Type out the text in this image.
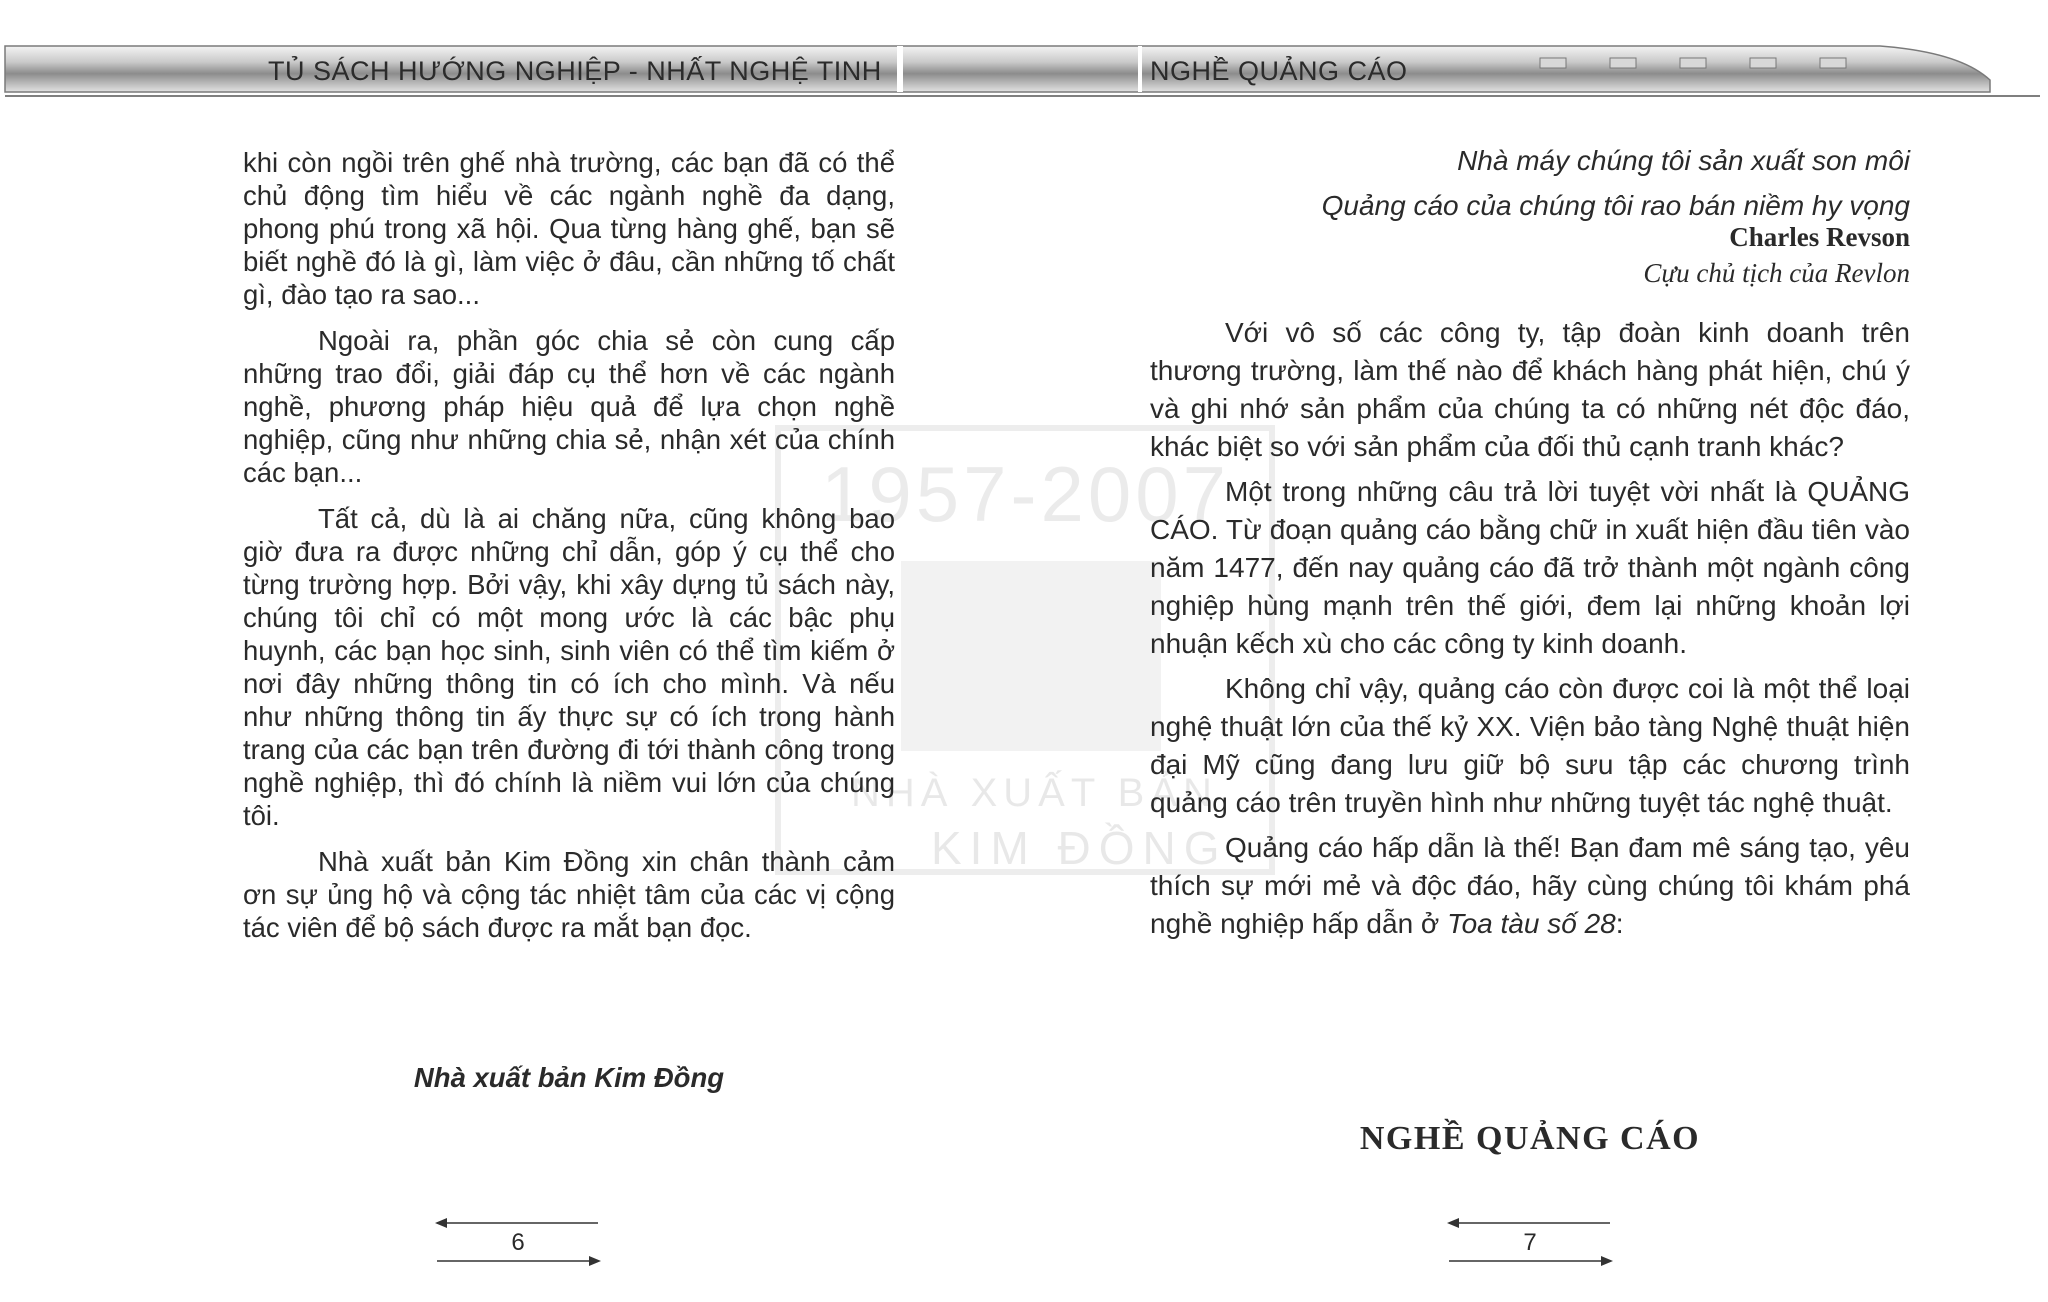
TỦ SÁCH HƯỚNG NGHIỆP - NHẤT NGHỆ TINH	NGHỀ QUẢNG CÁO
1957-2007
NHÀ XUẤT BẢN
KIM ĐỒNG

khi còn ngồi trên ghế nhà trường, các bạn đã có thể chủ động tìm hiểu về các ngành nghề đa dạng, phong phú trong xã hội. Qua từng hàng ghế, bạn sẽ biết nghề đó là gì, làm việc ở đâu, cần những tố chất gì, đào tạo ra sao...

Ngoài ra, phần góc chia sẻ còn cung cấp những trao đổi, giải đáp cụ thể hơn về các ngành nghề, phương pháp hiệu quả để lựa chọn nghề nghiệp, cũng như những chia sẻ, nhận xét của chính các bạn...

Tất cả, dù là ai chăng nữa, cũng không bao giờ đưa ra được những chỉ dẫn, góp ý cụ thể cho từng trường hợp. Bởi vậy, khi xây dựng tủ sách này, chúng tôi chỉ có một mong ước là các bậc phụ huynh, các bạn học sinh, sinh viên có thể tìm kiếm ở nơi đây những thông tin có ích cho mình. Và nếu như những thông tin ấy thực sự có ích trong hành trang của các bạn trên đường đi tới thành công trong nghề nghiệp, thì đó chính là niềm vui lớn của chúng tôi.

Nhà xuất bản Kim Đồng xin chân thành cảm ơn sự ủng hộ và cộng tác nhiệt tâm của các vị cộng tác viên để bộ sách được ra mắt bạn đọc.

Nhà xuất bản Kim Đồng
6
Nhà máy chúng tôi sản xuất son môi
Quảng cáo của chúng tôi rao bán niềm hy vọng
Charles Revson
Cựu chủ tịch của Revlon

Với vô số các công ty, tập đoàn kinh doanh trên thương trường, làm thế nào để khách hàng phát hiện, chú ý và ghi nhớ sản phẩm của chúng ta có những nét độc đáo, khác biệt so với sản phẩm của đối thủ cạnh tranh khác?

Một trong những câu trả lời tuyệt vời nhất là QUẢNG CÁO. Từ đoạn quảng cáo bằng chữ in xuất hiện đầu tiên vào năm 1477, đến nay quảng cáo đã trở thành một ngành công nghiệp hùng mạnh trên thế giới, đem lại những khoản lợi nhuận kếch xù cho các công ty kinh doanh.

Không chỉ vậy, quảng cáo còn được coi là một thể loại nghệ thuật lớn của thế kỷ XX. Viện bảo tàng Nghệ thuật hiện đại Mỹ cũng đang lưu giữ bộ sưu tập các chương trình quảng cáo trên truyền hình như những tuyệt tác nghệ thuật.

Quảng cáo hấp dẫn là thế! Bạn đam mê sáng tạo, yêu thích sự mới mẻ và độc đáo, hãy cùng chúng tôi khám phá nghề nghiệp hấp dẫn ở Toa tàu số 28:

NGHỀ QUẢNG CÁO
7
